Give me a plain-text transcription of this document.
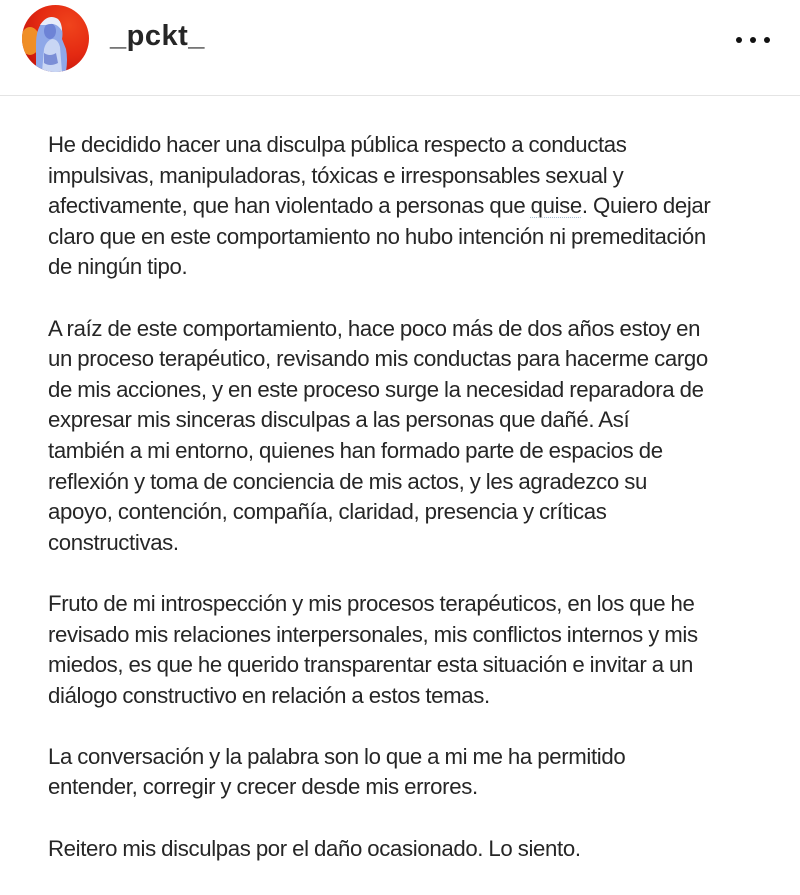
_pckt_

He decidido hacer una disculpa pública respecto a conductas
impulsivas, manipuladoras, tóxicas e irresponsables sexual y
afectivamente, que han violentado a personas que quise. Quiero dejar
claro que en este comportamiento no hubo intención ni premeditación
de ningún tipo.

A raíz de este comportamiento, hace poco más de dos años estoy en
un proceso terapéutico, revisando mis conductas para hacerme cargo
de mis acciones, y en este proceso surge la necesidad reparadora de
expresar mis sinceras disculpas a las personas que dañé. Así
también a mi entorno, quienes han formado parte de espacios de
reflexión y toma de conciencia de mis actos, y les agradezco su
apoyo, contención, compañía, claridad, presencia y críticas
constructivas.

Fruto de mi introspección y mis procesos terapéuticos, en los que he
revisado mis relaciones interpersonales, mis conflictos internos y mis
miedos, es que he querido transparentar esta situación e invitar a un
diálogo constructivo en relación a estos temas.

La conversación y la palabra son lo que a mi me ha permitido
entender, corregir y crecer desde mis errores.

Reitero mis disculpas por el daño ocasionado. Lo siento.
